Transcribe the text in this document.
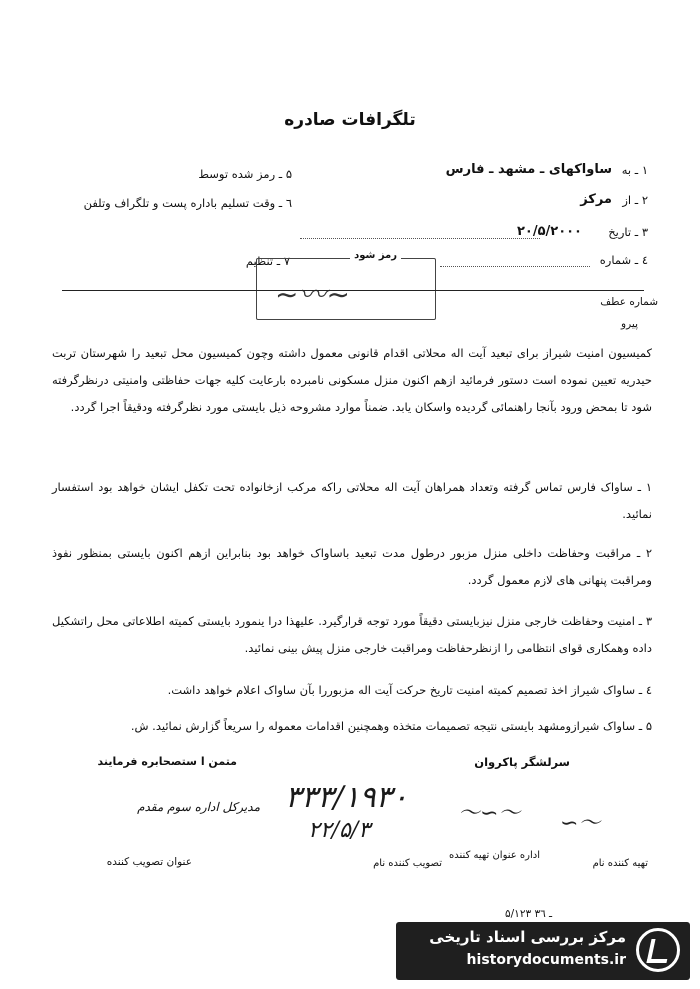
تلگرافات صادره
۱ ـ به
ساواکهای ـ مشهد ـ فارس
۲ ـ از
مرکز
۳ ـ تاریخ
۲۰/۵/۲۰۰۰
٤ ـ شماره
۵ ـ رمز شده توسط
٦ ـ وقت تسلیم باداره پست و تلگراف وتلفن
۷ ـ تنظیم	رمز شود
∼〰∼	شماره عطف
پیرو
کمیسیون امنیت شیراز برای تبعید آیت اله محلاتی اقدام قانونی معمول داشته وچون کمیسیون محل تبعید را شهرستان تربت حیدریه تعیین نموده است دستور فرمائید ازهم اکنون منزل مسکونی نامبرده بارعایت کلیه جهات حفاظتی وامنیتی درنظرگرفته شود تا بمحض ورود بآنجا راهنمائی گردیده واسکان یابد. ضمناً موارد مشروحه ذیل بایستی مورد نظرگرفته ودقیقاً اجرا گردد.
۱ ـ ساواک فارس تماس گرفته وتعداد همراهان آیت اله محلاتی راکه مرکب ازخانواده تحت تکفل ایشان خواهد بود استفسار نمائید.
۲ ـ مراقبت وحفاظت داخلی منزل مزبور درطول مدت تبعید باساواک خواهد بود بنابراین ازهم اکنون بایستی بمنظور نفوذ ومراقبت پنهانی های لازم معمول گردد.
۳ ـ امنیت وحفاظت خارجی منزل نیزبایستی دقیقاً مورد توجه قرارگیرد. علیهذا درا ینمورد بایستی کمیته اطلاعاتی محل راتشکیل داده وهمکاری قوای انتظامی را ازنظرحفاظت ومراقبت خارجی منزل پیش بینی نمائید.
٤ ـ ساواک شیراز اخذ تصمیم کمیته امنیت تاریخ حرکت آیت اله مزبوررا بآن ساواک اعلام خواهد داشت.
۵ ـ ساواک شیرازومشهد بایستی نتیجه تصمیمات متخذه وهمچنین اقدامات معموله را سریعاً گزارش نمائید. ش.
سرلشگر پاکروان
متمن ا ستصحابره فرمایند
مدیرکل اداره سوم مقدم ۳۳۳/۱۹۳۰
۲۲/۵/۳
〜∽〜 ∽〜
تهیه کننده نام
اداره عنوان تهیه کننده
تصویب کننده نام
عنوان تصویب کننده
۵/۱۲۳ ـ ۳٦
مرکز بررسی اسناد تاریخی
historydocuments.ir
